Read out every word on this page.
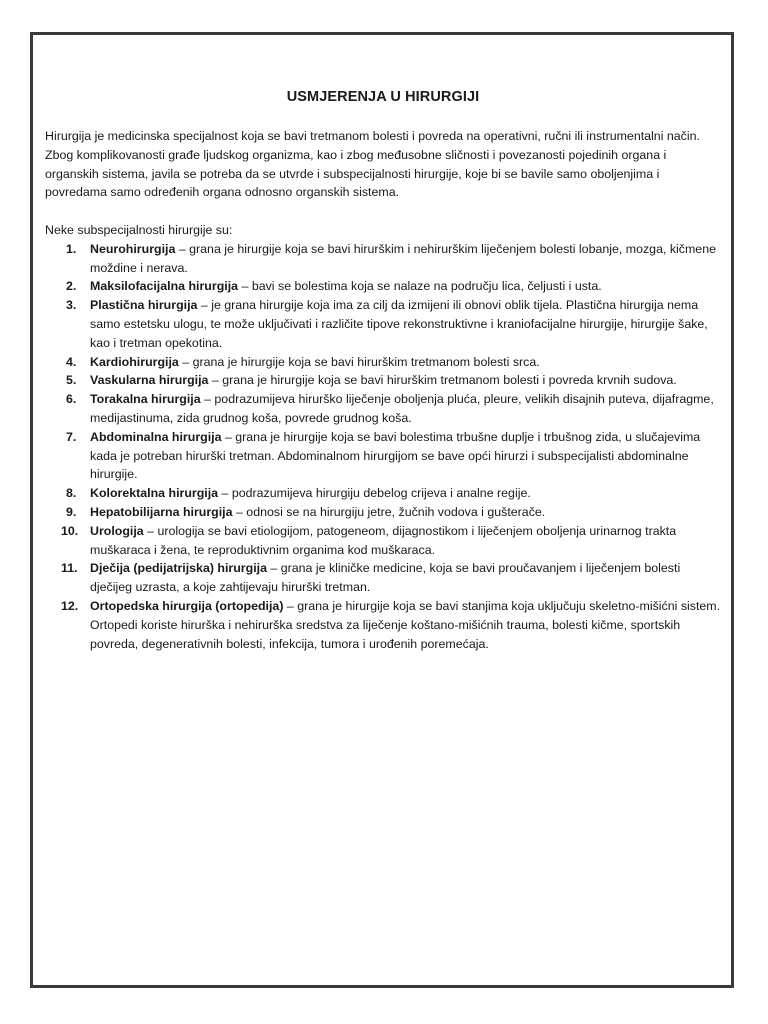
USMJERENJA U HIRURGIJI

Hirurgija je medicinska specijalnost koja se bavi tretmanom bolesti i povreda na operativni, ručni ili instrumentalni način. Zbog komplikovanosti građe ljudskog organizma, kao i zbog međusobne sličnosti i povezanosti pojedinih organa i organskih sistema, javila se potreba da se utvrde i subspecijalnosti hirurgije, koje bi se bavile samo oboljenjima i povredama samo određenih organa odnosno organskih sistema.

Neke subspecijalnosti hirurgije su:

1. Neurohirurgija – grana je hirurgije koja se bavi hirurškim i nehirurškim liječenjem bolesti lobanje, mozga, kičmene moždine i nerava.
2. Maksilofacijalna hirurgija – bavi se bolestima koja se nalaze na području lica, čeljusti i usta.
3. Plastična hirurgija – je grana hirurgije koja ima za cilj da izmijeni ili obnovi oblik tijela. Plastična hirurgija nema samo estetsku ulogu, te može uključivati i različite tipove rekonstruktivne i kraniofacijalne hirurgije, hirurgije šake, kao i tretman opekotina.
4. Kardiohirurgija – grana je hirurgije koja se bavi hirurškim tretmanom bolesti srca.
5. Vaskularna hirurgija – grana je hirurgije koja se bavi hirurškim tretmanom bolesti i povreda krvnih sudova.
6. Torakalna hirurgija – podrazumijeva hirurško liječenje oboljenja pluća, pleure, velikih disajnih puteva, dijafragme, medijastinuma, zida grudnog koša, povrede grudnog koša.
7. Abdominalna hirurgija – grana je hirurgije koja se bavi bolestima trbušne duplje i trbušnog zida, u slučajevima kada je potreban hirurški tretman. Abdominalnom hirurgijom se bave opći hirurzi i subspecijalisti abdominalne hirurgije.
8. Kolorektalna hirurgija – podrazumijeva hirurgiju debelog crijeva i analne regije.
9. Hepatobilijarna hirurgija – odnosi se na hirurgiju jetre, žučnih vodova i gušterače.
10. Urologija – urologija se bavi etiologijom, patogeneom, dijagnostikom i liječenjem oboljenja urinarnog trakta muškaraca i žena, te reproduktivnim organima kod muškaraca.
11. Dječija (pedijatrijska) hirurgija – grana je kliničke medicine, koja se bavi proučavanjem i liječenjem bolesti dječijeg uzrasta, a koje zahtijevaju hirurški tretman.
12. Ortopedska hirurgija (ortopedija) – grana je hirurgije koja se bavi stanjima koja uključuju skeletno-mišićni sistem. Ortopedi koriste hirurška i nehirurška sredstva za liječenje koštano-mišićnih trauma, bolesti kičme, sportskih povreda, degenerativnih bolesti, infekcija, tumora i urođenih poremećaja.
